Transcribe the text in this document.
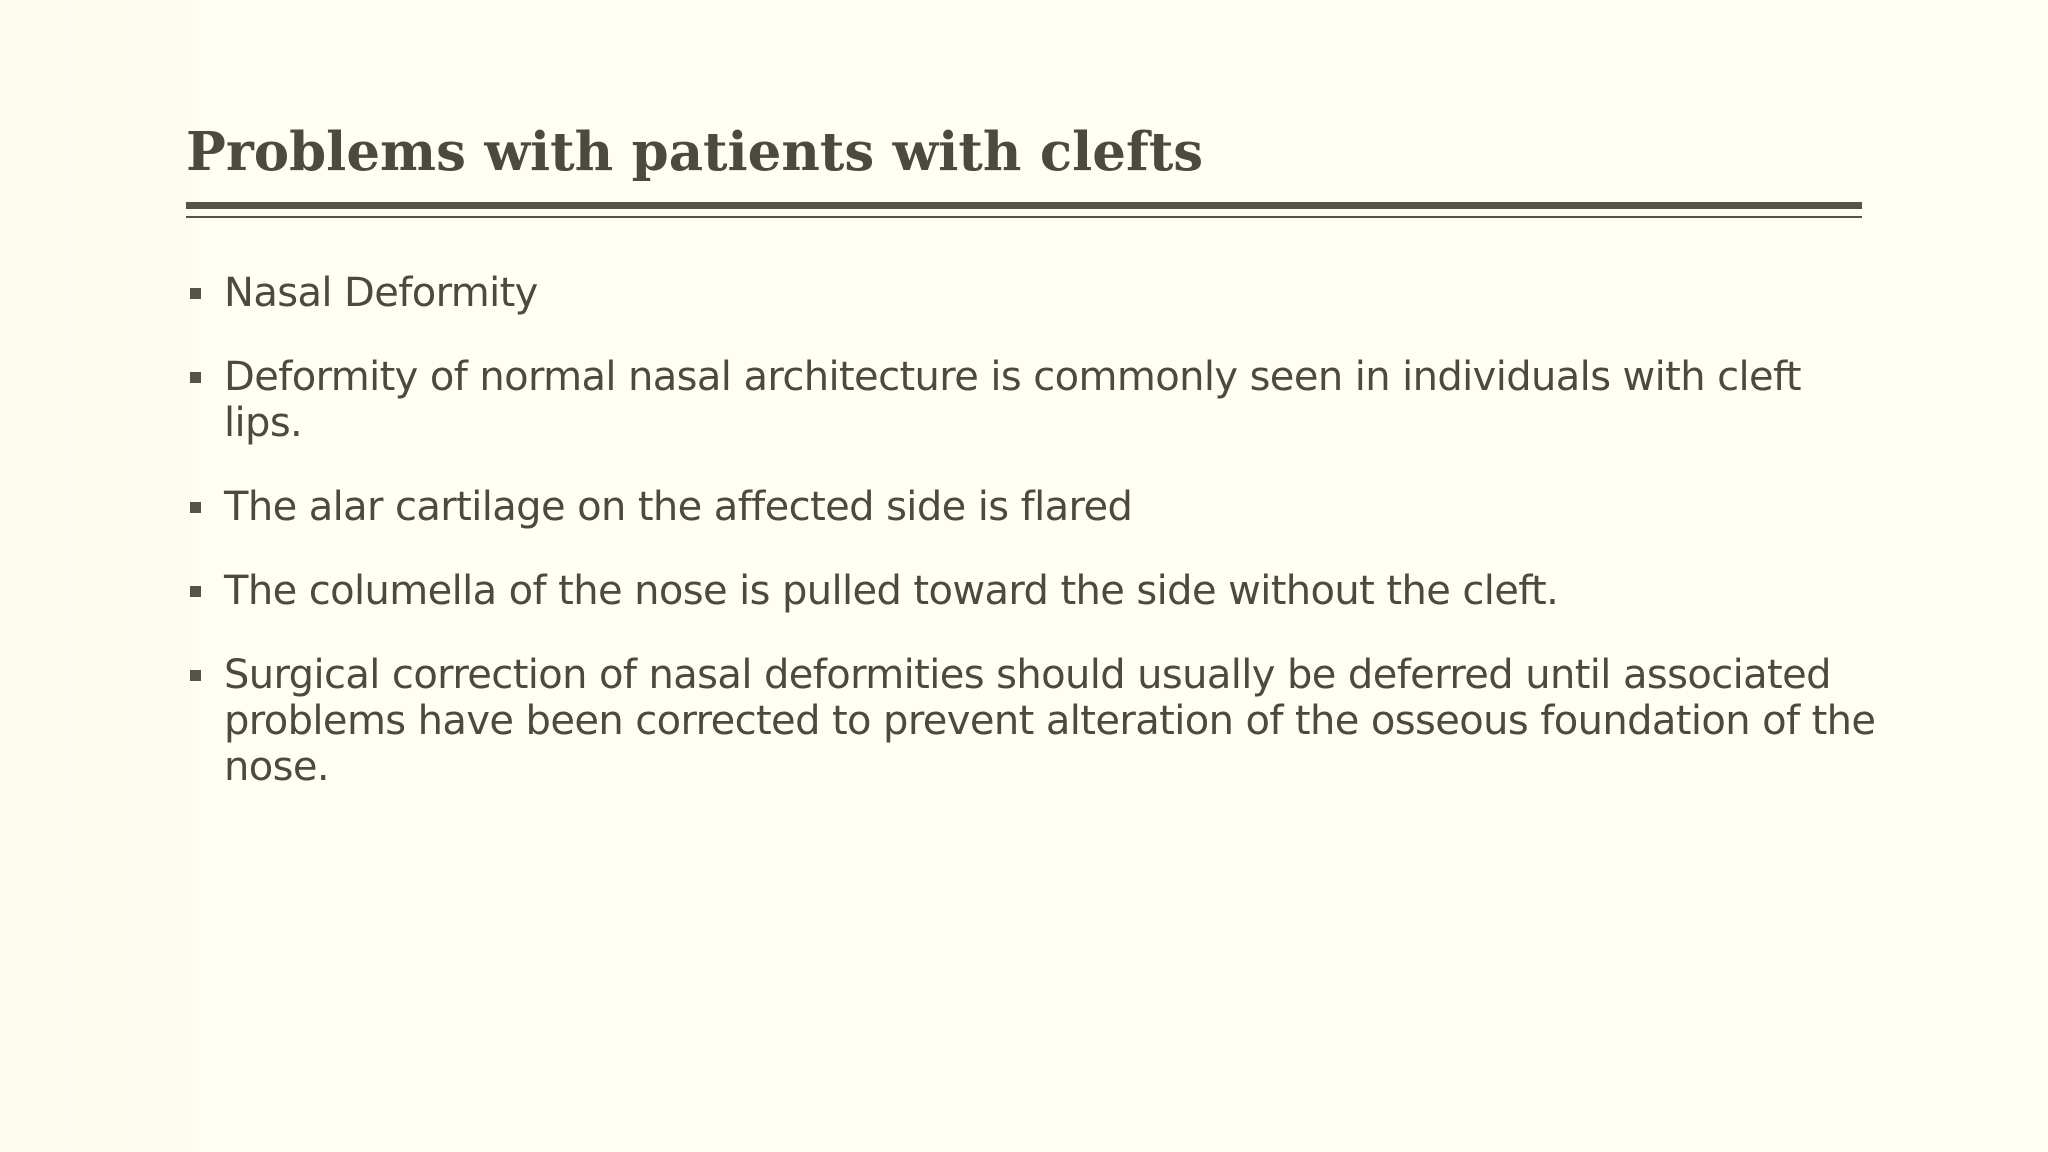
Problems with patients with clefts
Nasal Deformity
Deformity of normal nasal architecture is commonly seen in individuals with cleft lips.
The alar cartilage on the affected side is flared
The columella of the nose is pulled toward the side without the cleft.
Surgical correction of nasal deformities should usually be deferred until associated problems have been corrected to prevent alteration of the osseous foundation of the nose.
